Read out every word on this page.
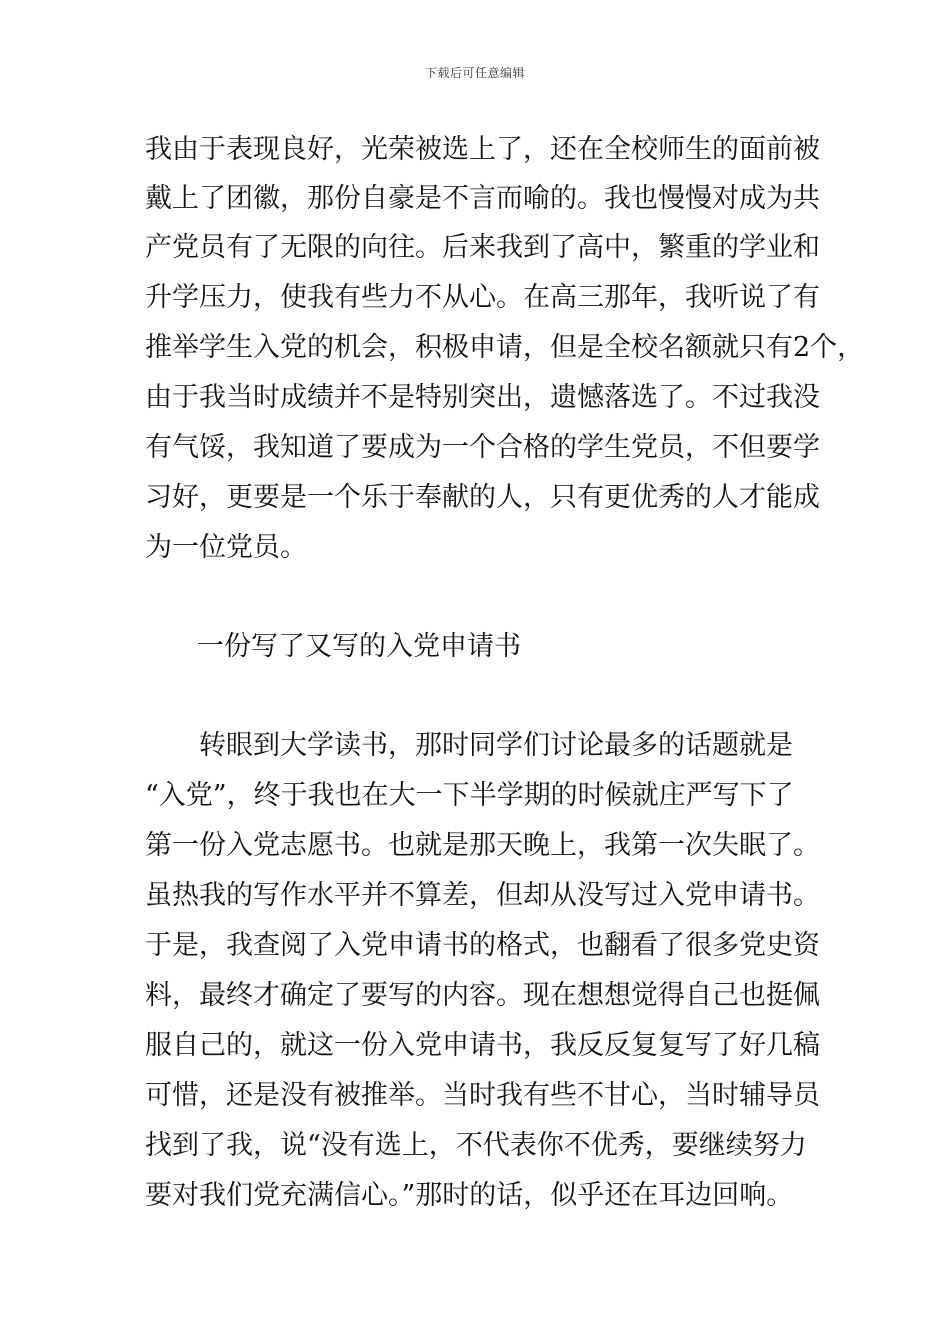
下载后可任意编辑
我由于表现良好，光荣被选上了，还在全校师生的面前被
戴上了团徽，那份自豪是不言而喻的。我也慢慢对成为共
产党员有了无限的向往。后来我到了高中，繁重的学业和
升学压力，使我有些力不从心。在高三那年，我听说了有
推举学生入党的机会，积极申请，但是全校名额就只有2个，
由于我当时成绩并不是特别突出，遗憾落选了。不过我没
有气馁，我知道了要成为一个合格的学生党员，不但要学
习好，更要是一个乐于奉献的人，只有更优秀的人才能成
为一位党员。
一份写了又写的入党申请书
转眼到大学读书，那时同学们讨论最多的话题就是
“入党”，终于我也在大一下半学期的时候就庄严写下了
第一份入党志愿书。也就是那天晚上，我第一次失眠了。
虽热我的写作水平并不算差，但却从没写过入党申请书。
于是，我查阅了入党申请书的格式，也翻看了很多党史资
料，最终才确定了要写的内容。现在想想觉得自己也挺佩
服自己的，就这一份入党申请书，我反反复复写了好几稿
可惜，还是没有被推举。当时我有些不甘心，当时辅导员
找到了我，说“没有选上，不代表你不优秀，要继续努力
要对我们党充满信心。”那时的话，似乎还在耳边回响。
